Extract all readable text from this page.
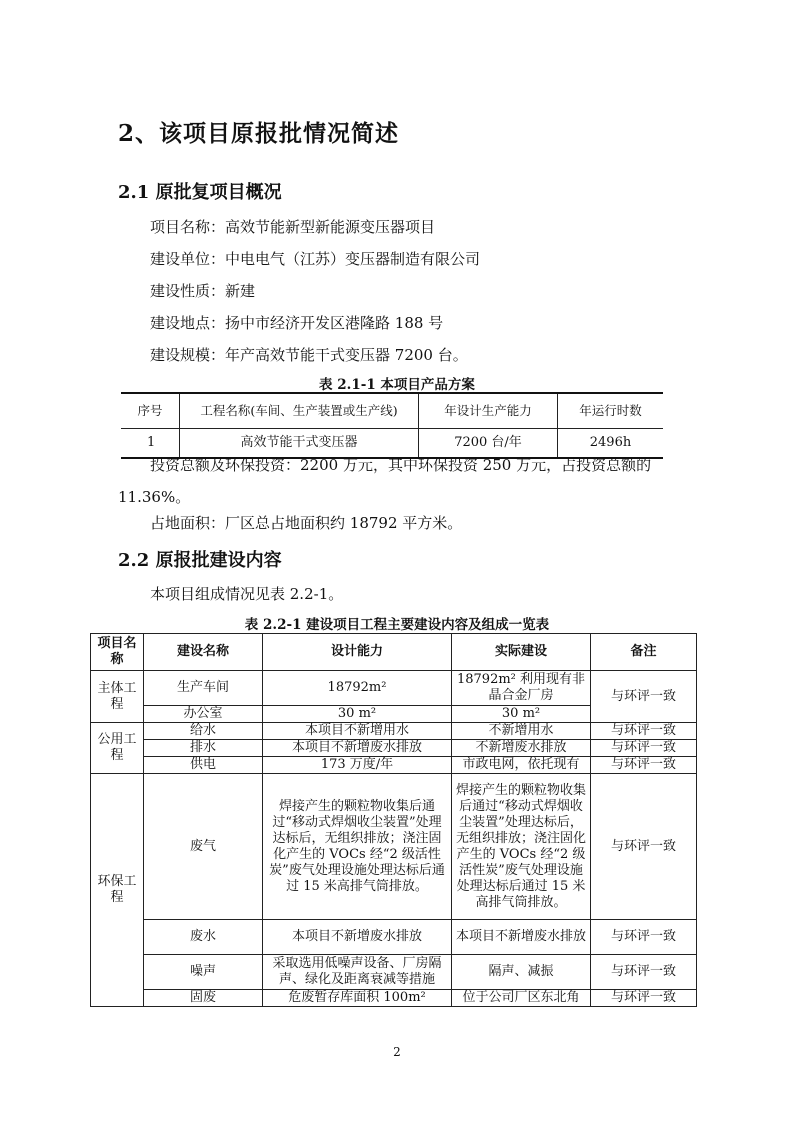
2、该项目原报批情况简述
2.1 原批复项目概况

项目名称：高效节能新型新能源变压器项目

建设单位：中电电气（江苏）变压器制造有限公司

建设性质：新建

建设地点：扬中市经济开发区港隆路 188 号

建设规模：年产高效节能干式变压器 7200 台。

表 2.1-1 本项目产品方案

序号	工程名称(车间、生产装置或生产线)	年设计生产能力	年运行时数
1	高效节能干式变压器	7200 台/年	2496h

投资总额及环保投资：2200 万元，其中环保投资 250 万元，占投资总额的 11.36%。

占地面积：厂区总占地面积约 18792 平方米。

2.2 原报批建设内容

本项目组成情况见表 2.2-1。

表 2.2-1 建设项目工程主要建设内容及组成一览表

项目名称	建设名称	设计能力	实际建设	备注
主体工程	生产车间	18792m²	18792m² 利用现有非晶合金厂房	与环评一致
	办公室	30 m²	30 m²	
公用工程	给水	本项目不新增用水	不新增用水	与环评一致
	排水	本项目不新增废水排放	不新增废水排放	与环评一致
	供电	173 万度/年	市政电网，依托现有	与环评一致
环保工程	废气	焊接产生的颗粒物收集后通过“移动式焊烟收尘装置”处理达标后，无组织排放；浇注固化产生的 VOCs 经“2 级活性炭”废气处理设施处理达标后通过 15 米高排气筒排放。	焊接产生的颗粒物收集后通过“移动式焊烟收尘装置”处理达标后，无组织排放；浇注固化产生的 VOCs 经“2 级活性炭”废气处理设施处理达标后通过 15 米高排气筒排放。	与环评一致
	废水	本项目不新增废水排放	本项目不新增废水排放	与环评一致
	噪声	采取选用低噪声设备、厂房隔声、绿化及距离衰减等措施	隔声、减振	与环评一致
	固废	危废暂存库面积 100m²	位于公司厂区东北角	与环评一致

2
